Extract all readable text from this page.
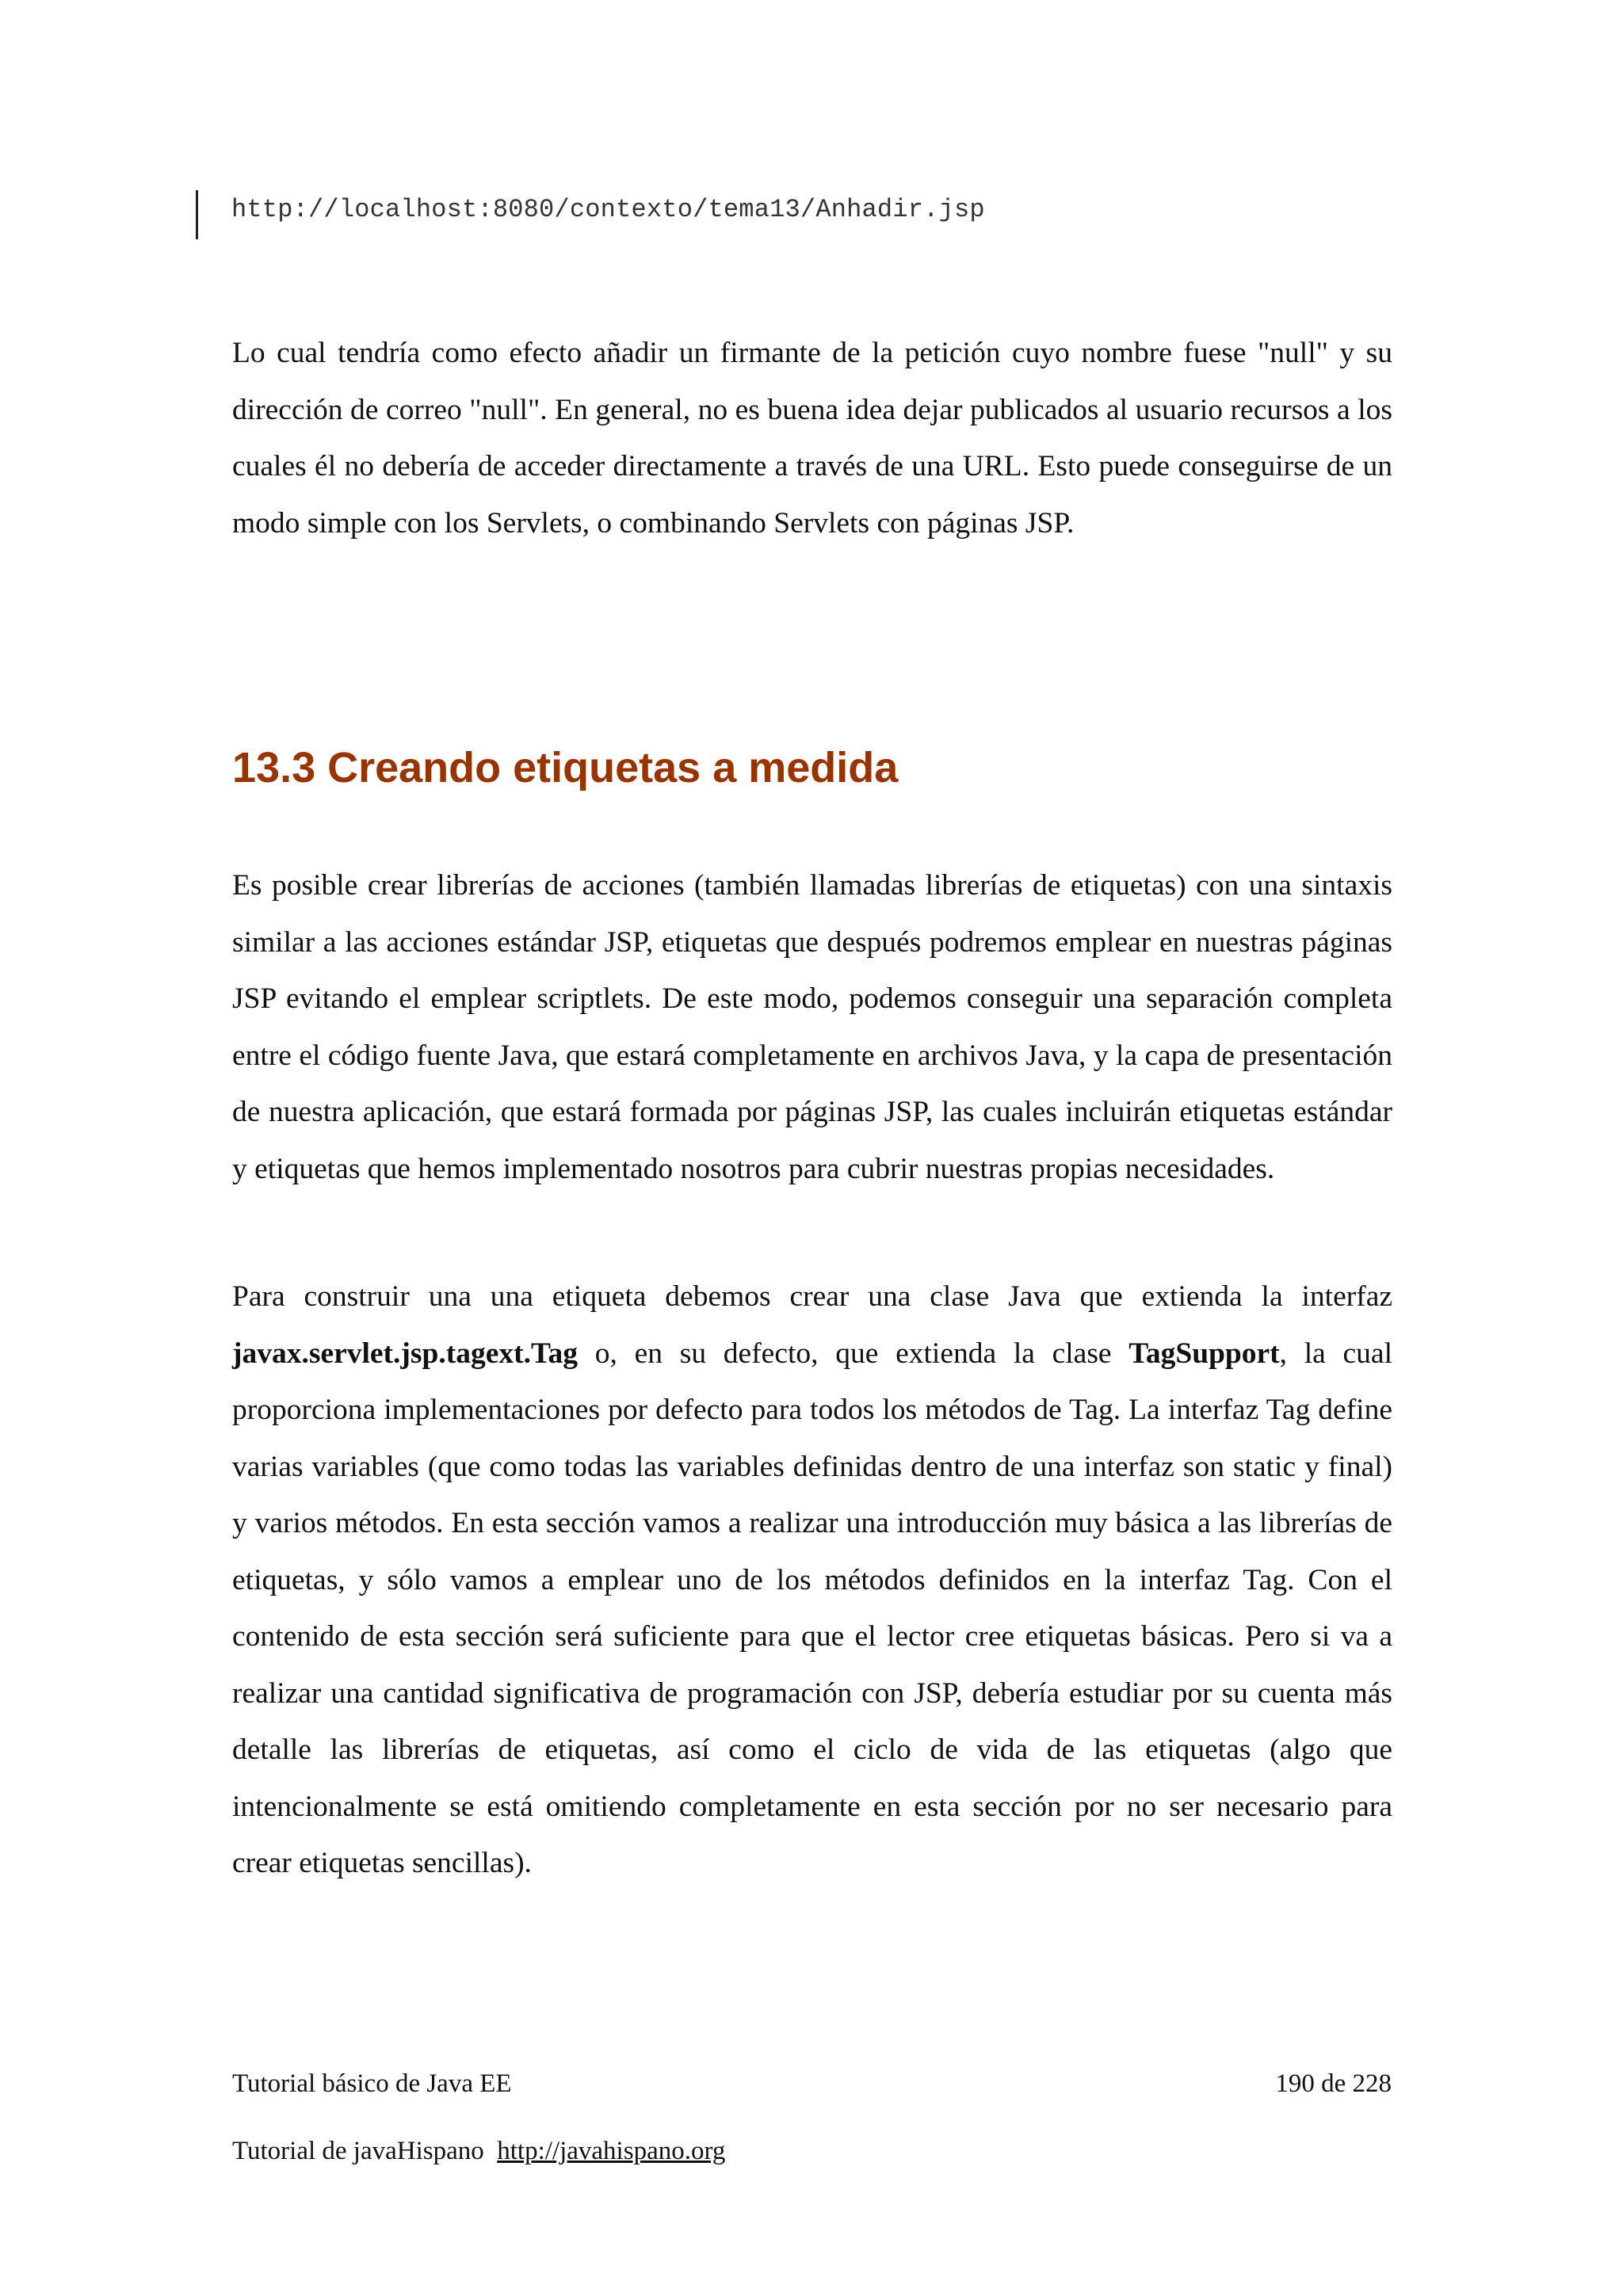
http://localhost:8080/contexto/tema13/Anhadir.jsp

Lo cual tendría como efecto añadir un firmante de la petición cuyo nombre fuese "null" y su dirección de correo "null". En general, no es buena idea dejar publicados al usuario recursos a los cuales él no debería de acceder directamente a través de una URL. Esto puede conseguirse de un modo simple con los Servlets, o combinando Servlets con páginas JSP.

13.3 Creando etiquetas a medida

Es posible crear librerías de acciones (también llamadas librerías de etiquetas) con una sintaxis similar a las acciones estándar JSP, etiquetas que después podremos emplear en nuestras páginas JSP evitando el emplear scriptlets. De este modo, podemos conseguir una separación completa entre el código fuente Java, que estará completamente en archivos Java, y la capa de presentación de nuestra aplicación, que estará formada por páginas JSP, las cuales incluirán etiquetas estándar y etiquetas que hemos implementado nosotros para cubrir nuestras propias necesidades.

Para construir una una etiqueta debemos crear una clase Java que extienda la interfaz javax.servlet.jsp.tagext.Tag o, en su defecto, que extienda la clase TagSupport, la cual proporciona implementaciones por defecto para todos los métodos de Tag. La interfaz Tag define varias variables (que como todas las variables definidas dentro de una interfaz son static y final) y varios métodos. En esta sección vamos a realizar una introducción muy básica a las librerías de etiquetas, y sólo vamos a emplear uno de los métodos definidos en la interfaz Tag. Con el contenido de esta sección será suficiente para que el lector cree etiquetas básicas. Pero si va a realizar una cantidad significativa de programación con JSP, debería estudiar por su cuenta más detalle las librerías de etiquetas, así como el ciclo de vida de las etiquetas (algo que intencionalmente se está omitiendo completamente en esta sección por no ser necesario para crear etiquetas sencillas).

Tutorial básico de Java EE	190 de 228
Tutorial de javaHispano http://javahispano.org
